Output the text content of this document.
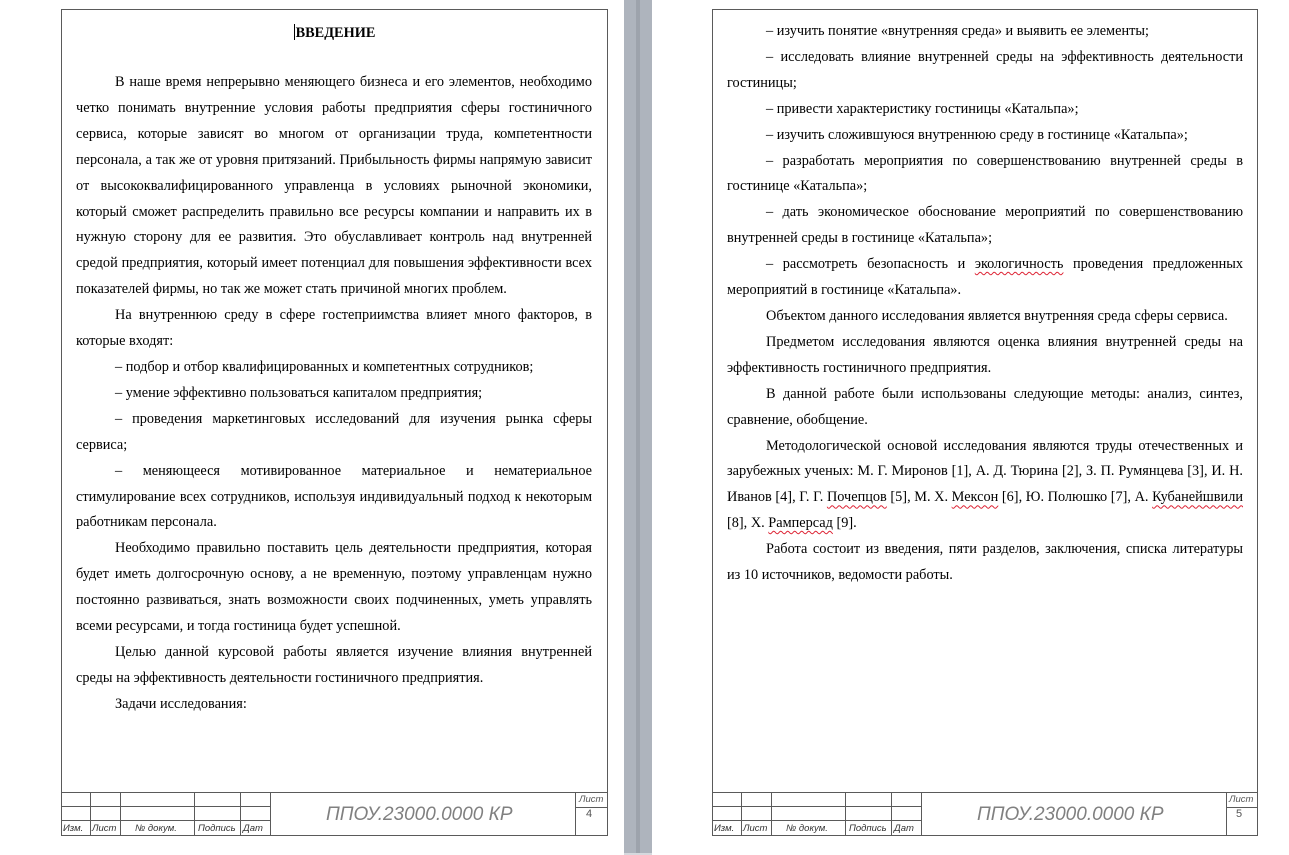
ВВЕДЕНИЕ

В наше время непрерывно меняющего бизнеса и его элементов, необходимо четко понимать внутренние условия работы предприятия сферы гостиничного сервиса, которые зависят во многом от организации труда, компетентности персонала, а так же от уровня притязаний. Прибыльность фирмы напрямую зависит от высококвалифицированного управленца в условиях рыночной экономики, который сможет распределить правильно все ресурсы компании и направить их в нужную сторону для ее развития. Это обуславливает контроль над внутренней средой предприятия, который имеет потенциал для повышения эффективности всех показателей фирмы, но так же может стать причиной многих проблем.

На внутреннюю среду в сфере гостеприимства влияет много факторов, в которые входят:

– подбор и отбор квалифицированных и компетентных сотрудников;

– умение эффективно пользоваться капиталом предприятия;

– проведения маркетинговых исследований для изучения рынка сферы сервиса;

– меняющееся мотивированное материальное и нематериальное стимулирование всех сотрудников, используя индивидуальный подход к некоторым работникам персонала.

Необходимо правильно поставить цель деятельности предприятия, которая будет иметь долгосрочную основу, а не временную, поэтому управленцам нужно постоянно развиваться, знать возможности своих подчиненных, уметь управлять всеми ресурсами, и тогда гостиница будет успешной.

Целью данной курсовой работы является изучение влияния внутренней среды на эффективность деятельности гостиничного предприятия.

Задачи исследования:

Изм. Лист № докум. Подпись Дат
ППОУ.23000.0000 КР
Лист
4

– изучить понятие «внутренняя среда» и выявить ее элементы;

– исследовать влияние внутренней среды на эффективность деятельности гостиницы;

– привести характеристику гостиницы «Катальпа»;

– изучить сложившуюся внутреннюю среду в гостинице «Катальпа»;

– разработать мероприятия по совершенствованию внутренней среды в гостинице «Катальпа»;

– дать экономическое обоснование мероприятий по совершенствованию внутренней среды в гостинице «Катальпа»;

– рассмотреть безопасность и экологичность проведения предложенных мероприятий в гостинице «Катальпа».

Объектом данного исследования является внутренняя среда сферы сервиса.

Предметом исследования являются оценка влияния внутренней среды на эффективность гостиничного предприятия.

В данной работе были использованы следующие методы: анализ, синтез, сравнение, обобщение.

Методологической основой исследования являются труды отечественных и зарубежных ученых: М. Г. Миронов [1], А. Д. Тюрина [2], З. П. Румянцева [3], И. Н. Иванов [4], Г. Г. Почепцов [5], М. Х. Мексон [6], Ю. Полюшко [7], А. Кубанейшвили [8], Х. Рамперсад [9].

Работа состоит из введения, пяти разделов, заключения, списка литературы из 10 источников, ведомости работы.

Изм. Лист № докум. Подпись Дат
ППОУ.23000.0000 КР
Лист
5
